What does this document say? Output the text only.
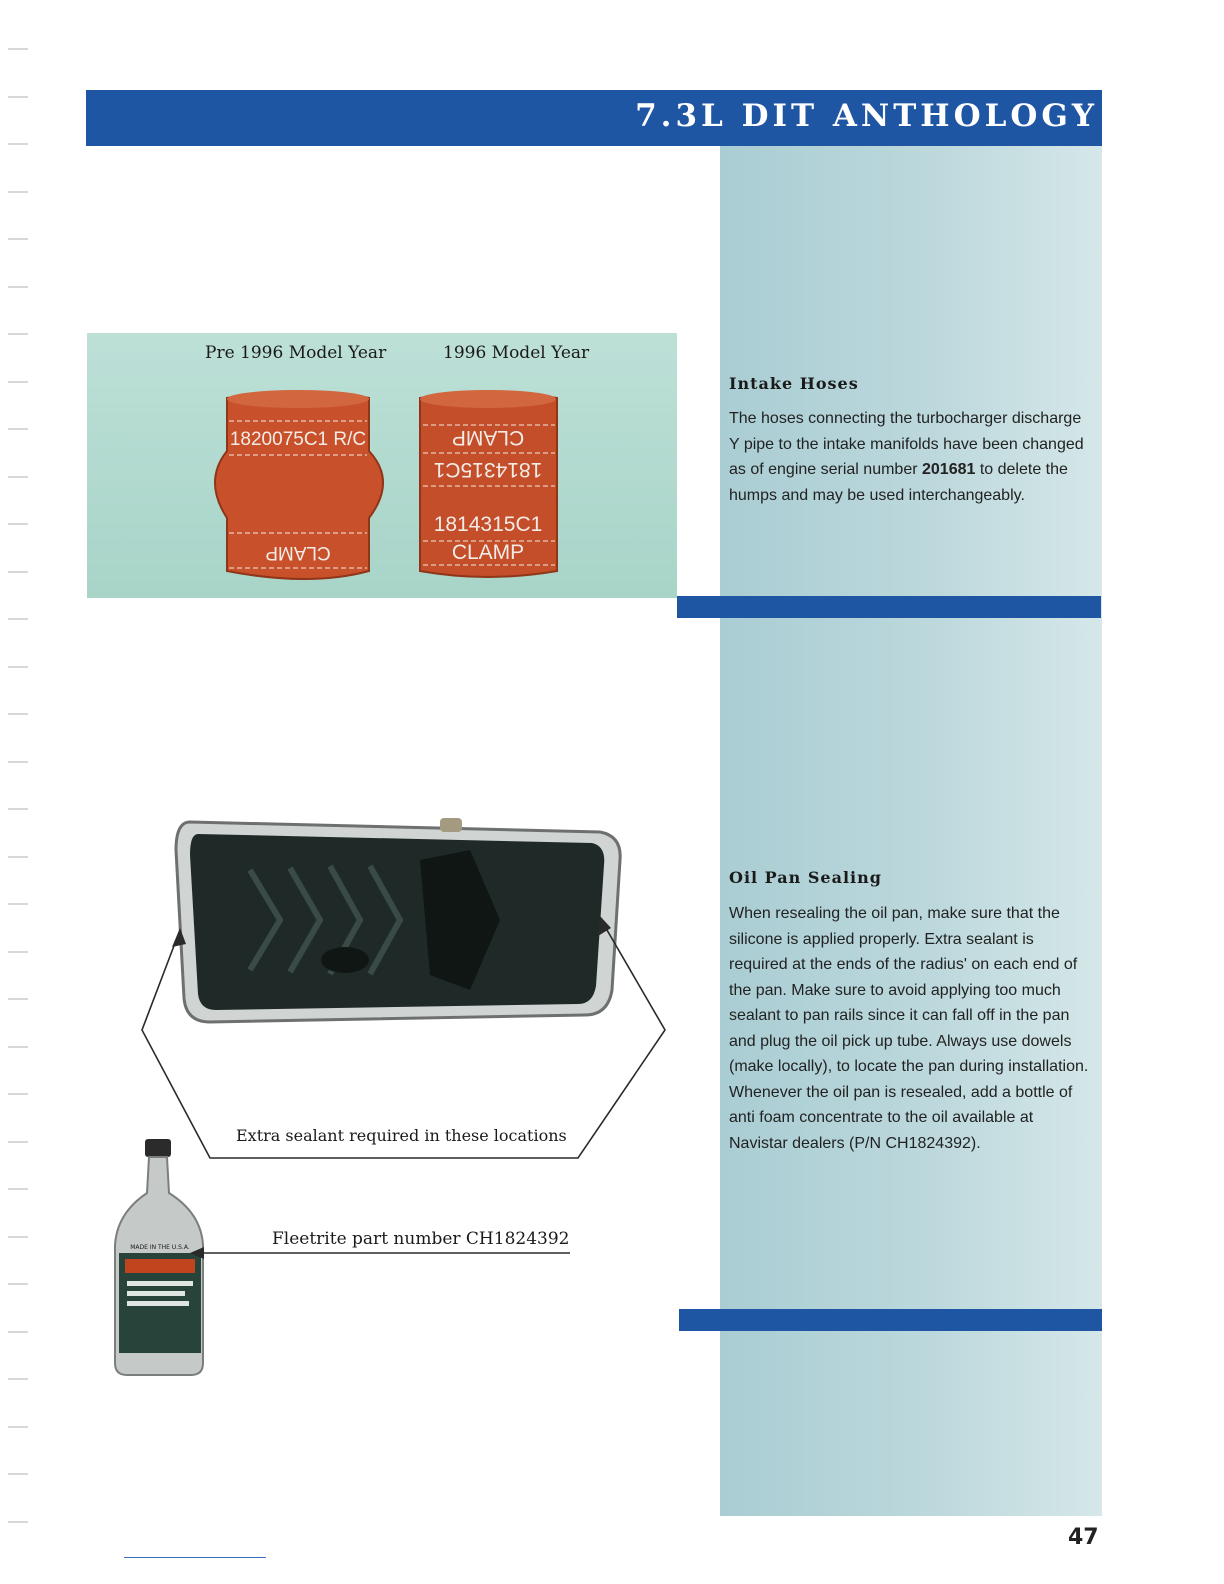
7.3L DIT ANTHOLOGY
Pre 1996 Model Year	1996 Model Year
1820075C1 R/C
CLAMP
CLAMP
1814315C1
1814315C1
CLAMP
Intake Hoses
The hoses connecting the turbocharger discharge Y pipe to the intake manifolds have been changed as of engine serial number 201681 to delete the humps and may be used interchangeably.
Oil Pan Sealing
When resealing the oil pan, make sure that the silicone is applied properly. Extra sealant is required at the ends of the radius' on each end of the pan. Make sure to avoid applying too much sealant to pan rails since it can fall off in the pan and plug the oil pick up tube. Always use dowels (make locally), to locate the pan during installation. Whenever the oil pan is resealed, add a bottle of anti foam concentrate to the oil available at Navistar dealers (P/N CH1824392).
Extra sealant required in these locations
MADE IN THE U.S.A.	Fleetrite part number CH1824392
47
